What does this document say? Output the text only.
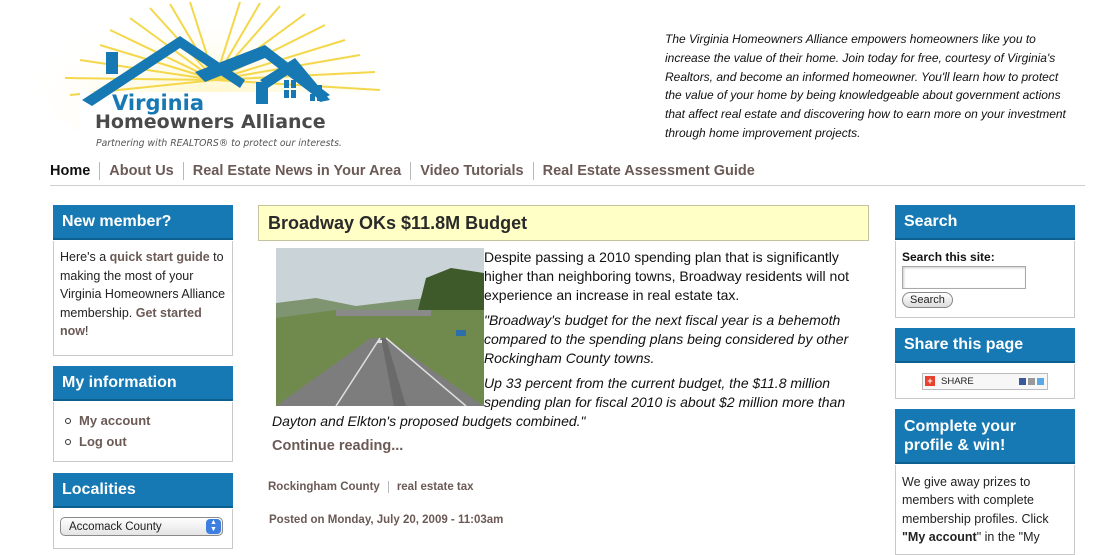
Virginia
Homeowners Alliance
Partnering with REALTORS® to protect our interests.
The Virginia Homeowners Alliance empowers homeowners like you to increase the value of their home. Join today for free, courtesy of Virginia's Realtors, and become an informed homeowner. You'll learn how to protect the value of your home by being knowledgeable about government actions that affect real estate and discovering how to earn more on your investment through home improvement projects.
Home	About Us	Real Estate News in Your Area	Video Tutorials	Real Estate Assessment Guide
New member?
Here's a quick start guide to making the most of your Virginia Homeowners Alliance membership. Get started now!
My information
My account
Log out
Localities
Accomack County	▲
▼
Broadway OKs $11.8M Budget

Despite passing a 2010 spending plan that is significantly higher than neighboring towns, Broadway residents will not experience an increase in real estate tax.

"Broadway's budget for the next fiscal year is a behemoth compared to the spending plans being considered by other Rockingham County towns.

Up 33 percent from the current budget, the $11.8 million spending plan for fiscal 2010 is about $2 million more than Dayton and Elkton's proposed budgets combined."

Continue reading...
Rockingham County	real estate tax
Posted on Monday, July 20, 2009 - 11:03am
Search
Search this site:
Search
Share this page
+ SHARE
Complete your profile & win!
We give away prizes to members with complete membership profiles. Click "My account" in the "My
